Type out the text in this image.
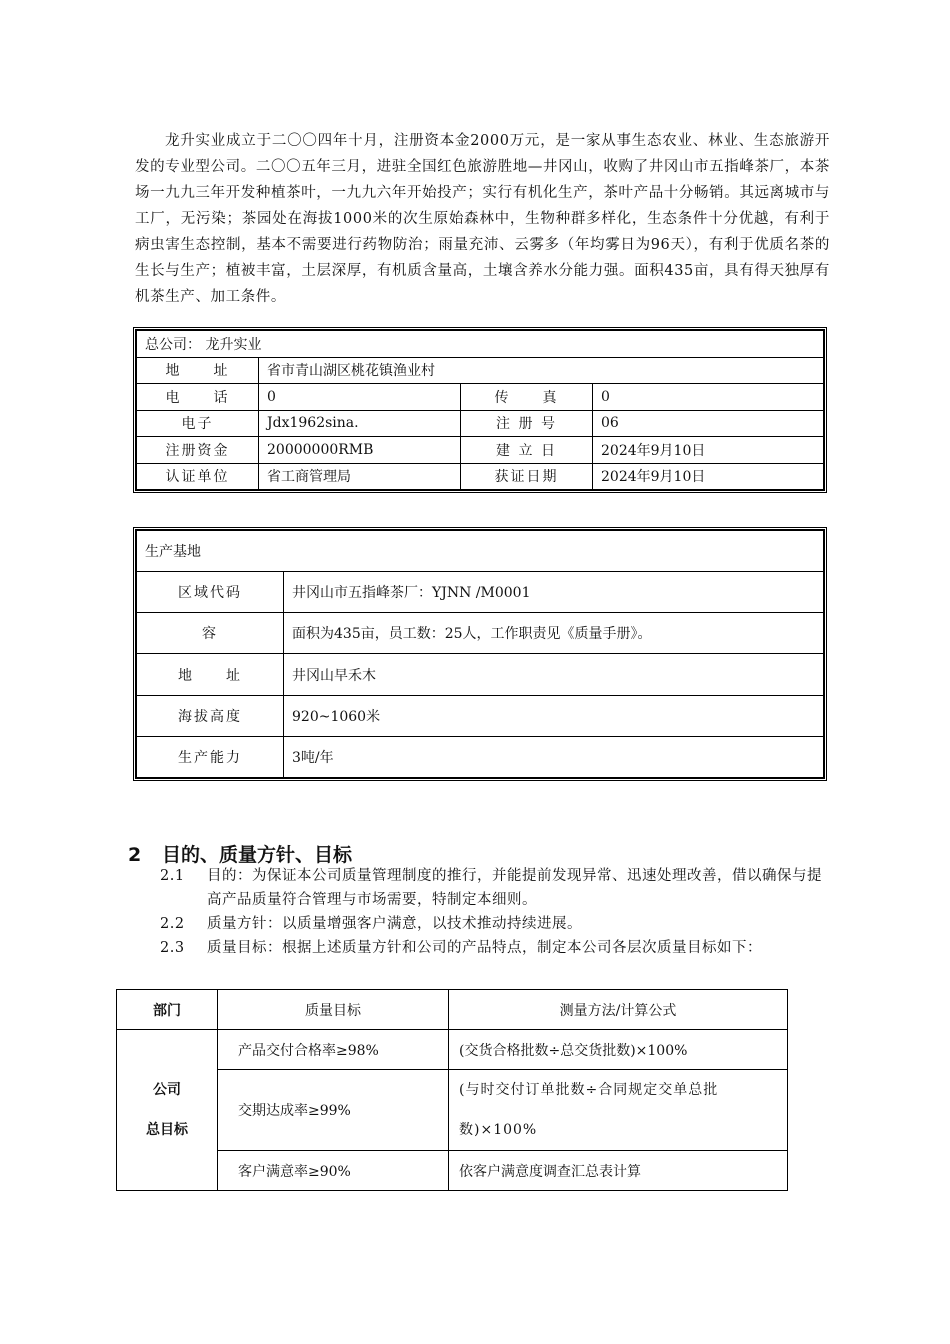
龙升实业成立于二〇〇四年十月，注册资本金2000万元，是一家从事生态农业、林业、生态旅游开发的专业型公司。二〇〇五年三月，进驻全国红色旅游胜地—井冈山，收购了井冈山市五指峰茶厂，本茶场一九九三年开发种植茶叶，一九九六年开始投产；实行有机化生产，茶叶产品十分畅销。其远离城市与工厂，无污染；茶园处在海拔1000米的次生原始森林中，生物种群多样化，生态条件十分优越，有利于病虫害生态控制，基本不需要进行药物防治；雨量充沛、云雾多（年均雾日为96天），有利于优质名茶的生长与生产；植被丰富，土层深厚，有机质含量高，土壤含养水分能力强。面积435亩，具有得天独厚有机茶生产、加工条件。

总公司： 龙升实业			
地　　址	省市青山湖区桃花镇渔业村		
电　　话	0	传　　真	0
电子	Jdx1962sina.	注 册 号	06
注册资金	20000000RMB	建 立 日	2024年9月10日
认证单位	省工商管理局	获证日期	2024年9月10日
生产基地	
区域代码	井冈山市五指峰茶厂：YJNN /M0001
容	面积为435亩，员工数：25人，工作职责见《质量手册》。
地　　址	井冈山早禾木
海拔高度	920~1060米
生产能力	3吨/年
2 目的、质量方针、目标
2.1	目的：为保证本公司质量管理制度的推行，并能提前发现异常、迅速处理改善，借以确保与提高产品质量符合管理与市场需要，特制定本细则。
2.2	质量方针：以质量增强客户满意，以技术推动持续进展。
2.3	质量目标：根据上述质量方针和公司的产品特点，制定本公司各层次质量目标如下：
部门	质量目标	测量方法/计算公式

公司
总目标	产品交付合格率≥98%	(交货合格批数÷总交货批数)×100%
	交期达成率≥99%	(与时交付订单批数÷合同规定交单总批数)×100%
	客户满意率≥90%	依客户满意度调查汇总表计算
